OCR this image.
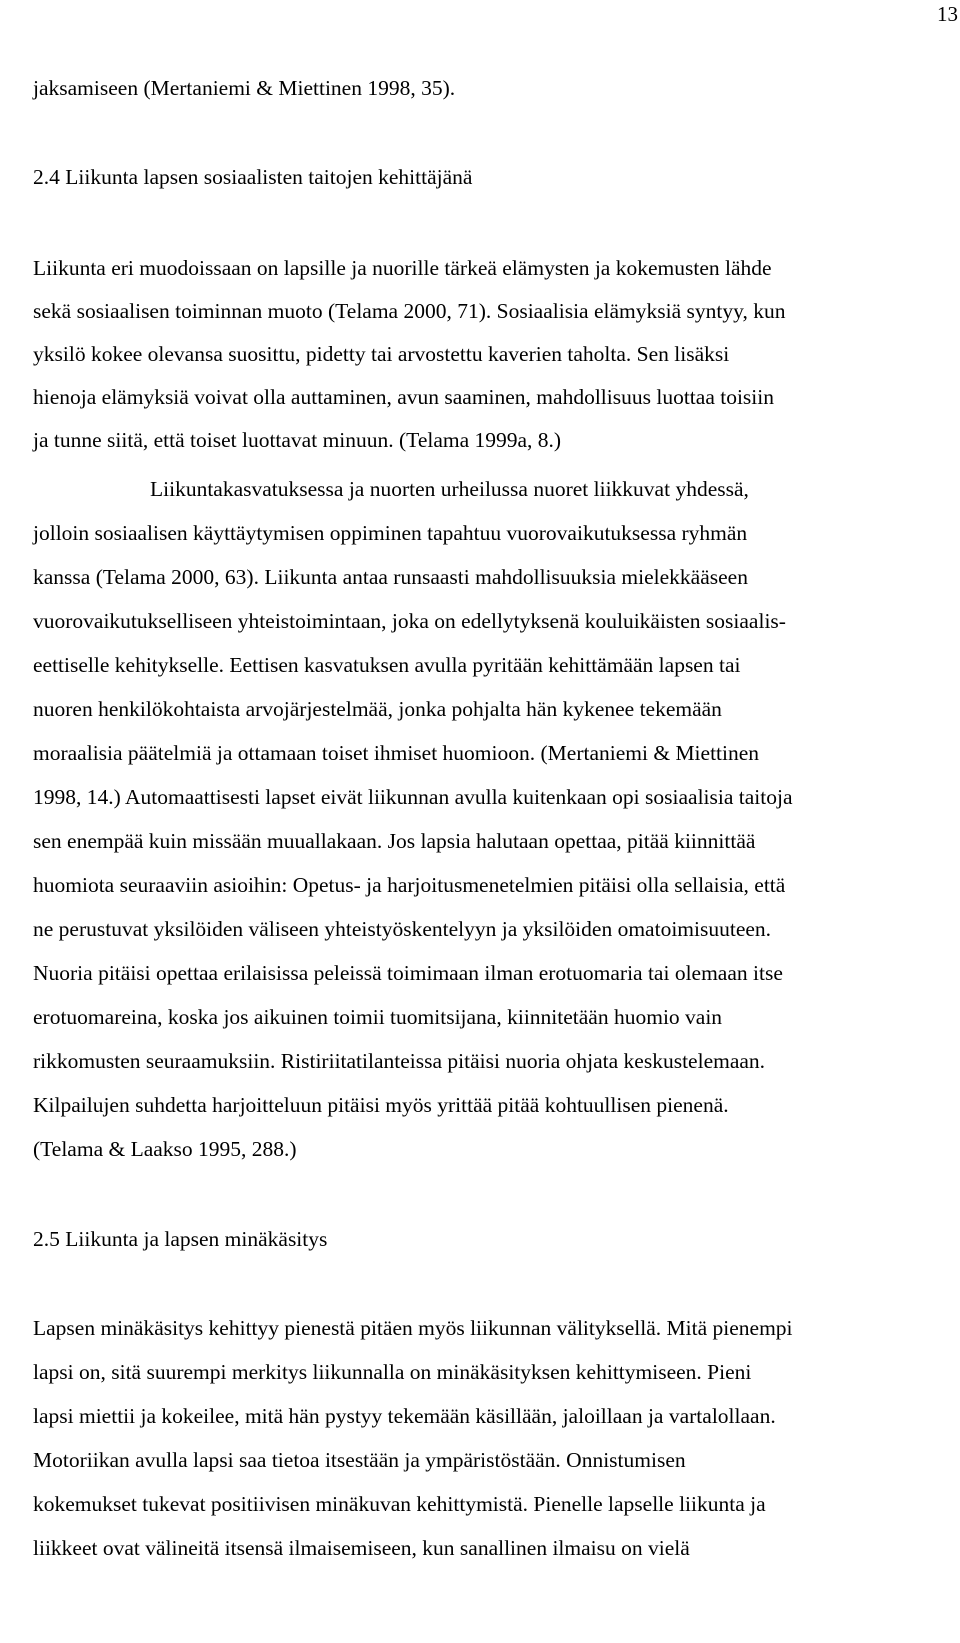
13
jaksamiseen (Mertaniemi & Miettinen 1998, 35).
2.4 Liikunta lapsen sosiaalisten taitojen kehittäjänä
Liikunta eri muodoissaan on lapsille ja nuorille tärkeä elämysten ja kokemusten lähde
sekä sosiaalisen toiminnan muoto (Telama 2000, 71). Sosiaalisia elämyksiä syntyy, kun
yksilö kokee olevansa suosittu, pidetty tai arvostettu kaverien taholta. Sen lisäksi
hienoja elämyksiä voivat olla auttaminen, avun saaminen, mahdollisuus luottaa toisiin
ja tunne siitä, että toiset luottavat minuun. (Telama 1999a, 8.)
Liikuntakasvatuksessa ja nuorten urheilussa nuoret liikkuvat yhdessä,
jolloin sosiaalisen käyttäytymisen oppiminen tapahtuu vuorovaikutuksessa ryhmän
kanssa (Telama 2000, 63). Liikunta antaa runsaasti mahdollisuuksia mielekkääseen
vuorovaikutukselliseen yhteistoimintaan, joka on edellytyksenä kouluikäisten sosiaalis-
eettiselle kehitykselle. Eettisen kasvatuksen avulla pyritään kehittämään lapsen tai
nuoren henkilökohtaista arvojärjestelmää, jonka pohjalta hän kykenee tekemään
moraalisia päätelmiä ja ottamaan toiset ihmiset huomioon. (Mertaniemi & Miettinen
1998, 14.) Automaattisesti lapset eivät liikunnan avulla kuitenkaan opi sosiaalisia taitoja
sen enempää kuin missään muuallakaan. Jos lapsia halutaan opettaa, pitää kiinnittää
huomiota seuraaviin asioihin: Opetus- ja harjoitusmenetelmien pitäisi olla sellaisia, että
ne perustuvat yksilöiden väliseen yhteistyöskentelyyn ja yksilöiden omatoimisuuteen.
Nuoria pitäisi opettaa erilaisissa peleissä toimimaan ilman erotuomaria tai olemaan itse
erotuomareina, koska jos aikuinen toimii tuomitsijana, kiinnitetään huomio vain
rikkomusten seuraamuksiin. Ristiriitatilanteissa pitäisi nuoria ohjata keskustelemaan.
Kilpailujen suhdetta harjoitteluun pitäisi myös yrittää pitää kohtuullisen pienenä.
(Telama & Laakso 1995, 288.)
2.5 Liikunta ja lapsen minäkäsitys
Lapsen minäkäsitys kehittyy pienestä pitäen myös liikunnan välityksellä. Mitä pienempi
lapsi on, sitä suurempi merkitys liikunnalla on minäkäsityksen kehittymiseen. Pieni
lapsi miettii ja kokeilee, mitä hän pystyy tekemään käsillään, jaloillaan ja vartalollaan.
Motoriikan avulla lapsi saa tietoa itsestään ja ympäristöstään. Onnistumisen
kokemukset tukevat positiivisen minäkuvan kehittymistä. Pienelle lapselle liikunta ja
liikkeet ovat välineitä itsensä ilmaisemiseen, kun sanallinen ilmaisu on vielä
